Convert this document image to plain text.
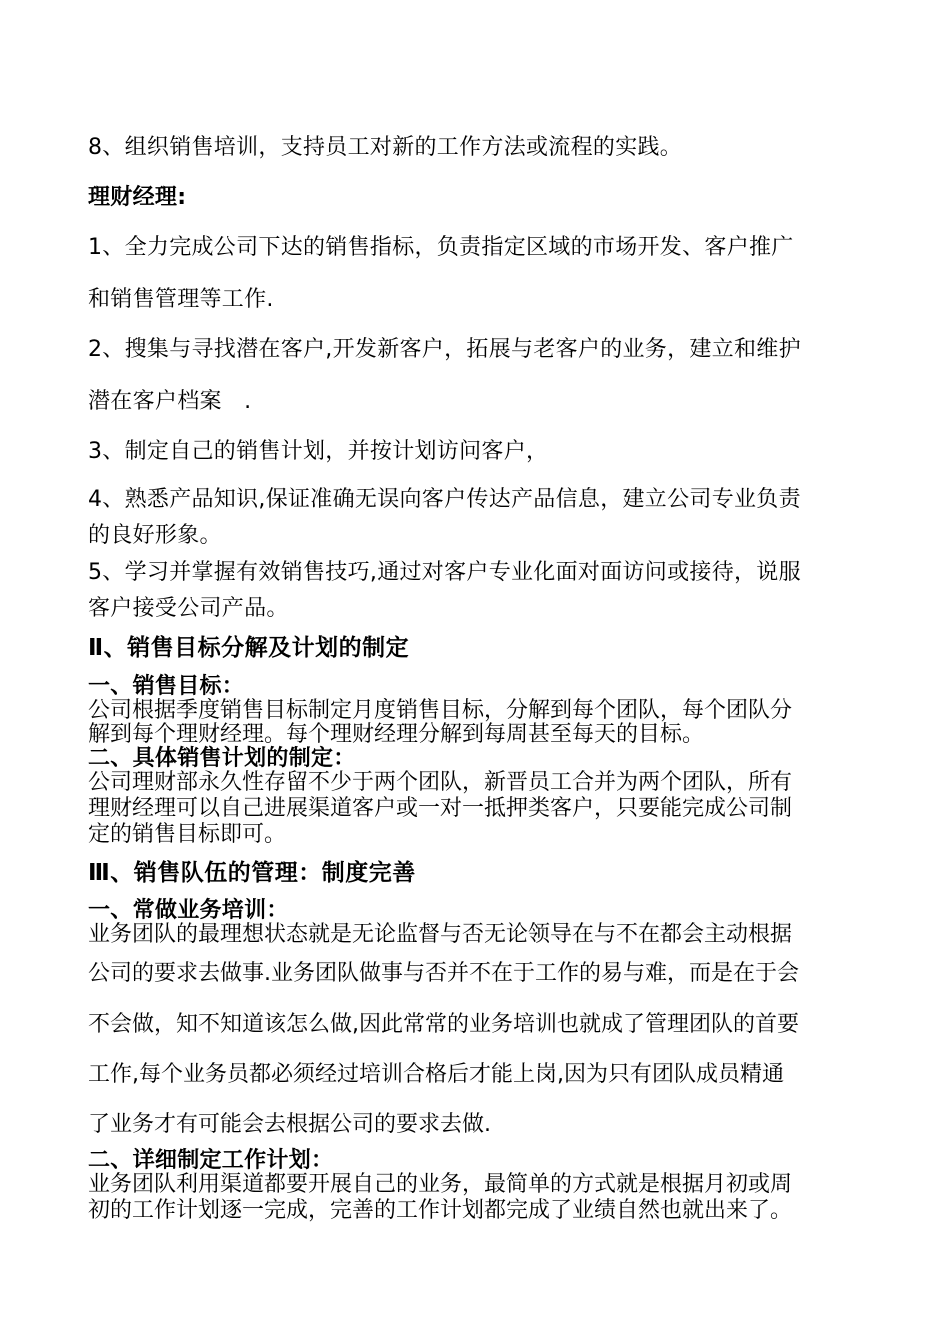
8、组织销售培训，支持员工对新的工作方法或流程的实践。
理财经理:
1、全力完成公司下达的销售指标，负责指定区域的市场开发、客户推广
和销售管理等工作.
2、搜集与寻找潜在客户,开发新客户，拓展与老客户的业务，建立和维护
潜在客户档案　.
3、制定自己的销售计划，并按计划访问客户，
4、熟悉产品知识,保证准确无误向客户传达产品信息，建立公司专业负责
的良好形象。
5、学习并掌握有效销售技巧,通过对客户专业化面对面访问或接待，说服
客户接受公司产品。
Ⅱ、销售目标分解及计划的制定
一、销售目标：
公司根据季度销售目标制定月度销售目标，分解到每个团队，每个团队分
解到每个理财经理。每个理财经理分解到每周甚至每天的目标。
二、具体销售计划的制定：
公司理财部永久性存留不少于两个团队，新晋员工合并为两个团队，所有
理财经理可以自己进展渠道客户或一对一抵押类客户，只要能完成公司制
定的销售目标即可。
Ⅲ、销售队伍的管理：制度完善
一、常做业务培训：
业务团队的最理想状态就是无论监督与否无论领导在与不在都会主动根据
公司的要求去做事.业务团队做事与否并不在于工作的易与难，而是在于会
不会做，知不知道该怎么做,因此常常的业务培训也就成了管理团队的首要
工作,每个业务员都必须经过培训合格后才能上岗,因为只有团队成员精通
了业务才有可能会去根据公司的要求去做.
二、详细制定工作计划：
业务团队利用渠道都要开展自己的业务，最简单的方式就是根据月初或周
初的工作计划逐一完成，完善的工作计划都完成了业绩自然也就出来了。
